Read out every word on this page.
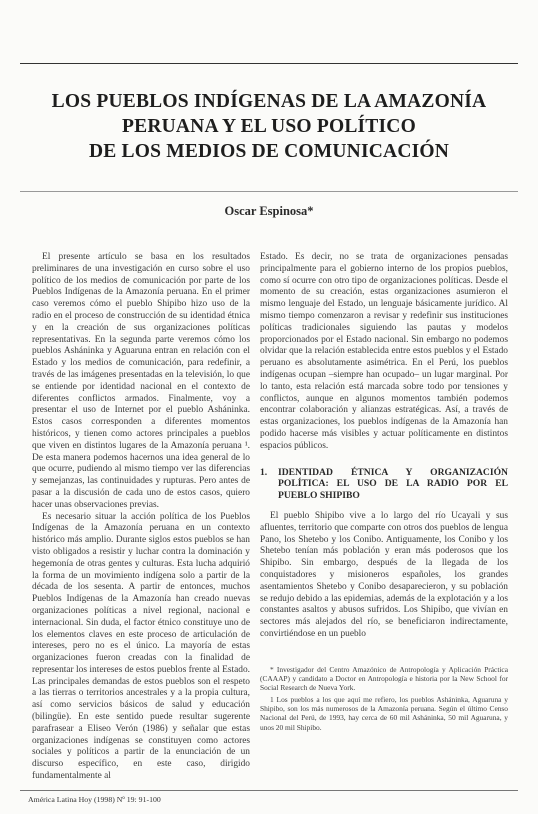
LOS PUEBLOS INDÍGENAS DE LA AMAZONÍA
PERUANA Y EL USO POLÍTICO
DE LOS MEDIOS DE COMUNICACIÓN
Oscar Espinosa*

El presente artículo se basa en los resultados preliminares de una investigación en curso sobre el uso político de los medios de comunicación por parte de los Pueblos Indígenas de la Amazonía peruana. En el primer caso veremos cómo el pueblo Shipibo hizo uso de la radio en el proceso de construcción de su identidad étnica y en la creación de sus organizaciones políticas representativas. En la segunda parte veremos cómo los pueblos Asháninka y Aguaruna entran en relación con el Estado y los medios de comunicación, para redefinir, a través de las imágenes presentadas en la televisión, lo que se entiende por identidad nacional en el contexto de diferentes conflictos armados. Finalmente, voy a presentar el uso de Internet por el pueblo Asháninka. Estos casos corresponden a diferentes momentos históricos, y tienen como actores principales a pueblos que viven en distintos lugares de la Amazonía peruana ¹. De esta manera podemos hacernos una idea general de lo que ocurre, pudiendo al mismo tiempo ver las diferencias y semejanzas, las continuidades y rupturas. Pero antes de pasar a la discusión de cada uno de estos casos, quiero hacer unas observaciones previas.

Es necesario situar la acción política de los Pueblos Indígenas de la Amazonía peruana en un contexto histórico más amplio. Durante siglos estos pueblos se han visto obligados a resistir y luchar contra la dominación y hegemonía de otras gentes y culturas. Esta lucha adquirió la forma de un movimiento indígena solo a partir de la década de los sesenta. A partir de entonces, muchos Pueblos Indígenas de la Amazonía han creado nuevas organizaciones políticas a nivel regional, nacional e internacional. Sin duda, el factor étnico constituye uno de los elementos claves en este proceso de articulación de intereses, pero no es el único. La mayoría de estas organizaciones fueron creadas con la finalidad de representar los intereses de estos pueblos frente al Estado. Las principales demandas de estos pueblos son el respeto a las tierras o territorios ancestrales y a la propia cultura, así como servicios básicos de salud y educación (bilingüe). En este sentido puede resultar sugerente parafrasear a Eliseo Verón (1986) y señalar que estas organizaciones indígenas se constituyen como actores sociales y políticos a partir de la enunciación de un discurso específico, en este caso, dirigido fundamentalmente al

Estado. Es decir, no se trata de organizaciones pensadas principalmente para el gobierno interno de los propios pueblos, como sí ocurre con otro tipo de organizaciones políticas. Desde el momento de su creación, estas organizaciones asumieron el mismo lenguaje del Estado, un lenguaje básicamente jurídico. Al mismo tiempo comenzaron a revisar y redefinir sus instituciones políticas tradicionales siguiendo las pautas y modelos proporcionados por el Estado nacional. Sin embargo no podemos olvidar que la relación establecida entre estos pueblos y el Estado peruano es absolutamente asimétrica. En el Perú, los pueblos indígenas ocupan –siempre han ocupado– un lugar marginal. Por lo tanto, esta relación está marcada sobre todo por tensiones y conflictos, aunque en algunos momentos también podemos encontrar colaboración y alianzas estratégicas. Así, a través de estas organizaciones, los pueblos indígenas de la Amazonía han podido hacerse más visibles y actuar políticamente en distintos espacios públicos.

1.	IDENTIDAD ÉTNICA Y ORGANIZACIÓN POLÍTICA: EL USO DE LA RADIO POR EL PUEBLO SHIPIBO

El pueblo Shipibo vive a lo largo del río Ucayali y sus afluentes, territorio que comparte con otros dos pueblos de lengua Pano, los Shetebo y los Conibo. Antiguamente, los Conibo y los Shetebo tenían más población y eran más poderosos que los Shipibo. Sin embargo, después de la llegada de los conquistadores y misioneros españoles, los grandes asentamientos Shetebo y Conibo desaparecieron, y su población se redujo debido a las epidemias, además de la explotación y a los constantes asaltos y abusos sufridos. Los Shipibo, que vivían en sectores más alejados del río, se beneficiaron indirectamente, convirtiéndose en un pueblo

* Investigador del Centro Amazónico de Antropología y Aplicación Práctica (CAAAP) y candidato a Doctor en Antropología e historia por la New School for Social Research de Nueva York.

1 Los pueblos a los que aquí me refiero, los pueblos Asháninka, Aguaruna y Shipibo, son los más numerosos de la Amazonía peruana. Según el último Censo Nacional del Perú, de 1993, hay cerca de 60 mil Asháninka, 50 mil Aguaruna, y unos 20 mil Shipibo.

América Latina Hoy (1998) Nº 19: 91-100
